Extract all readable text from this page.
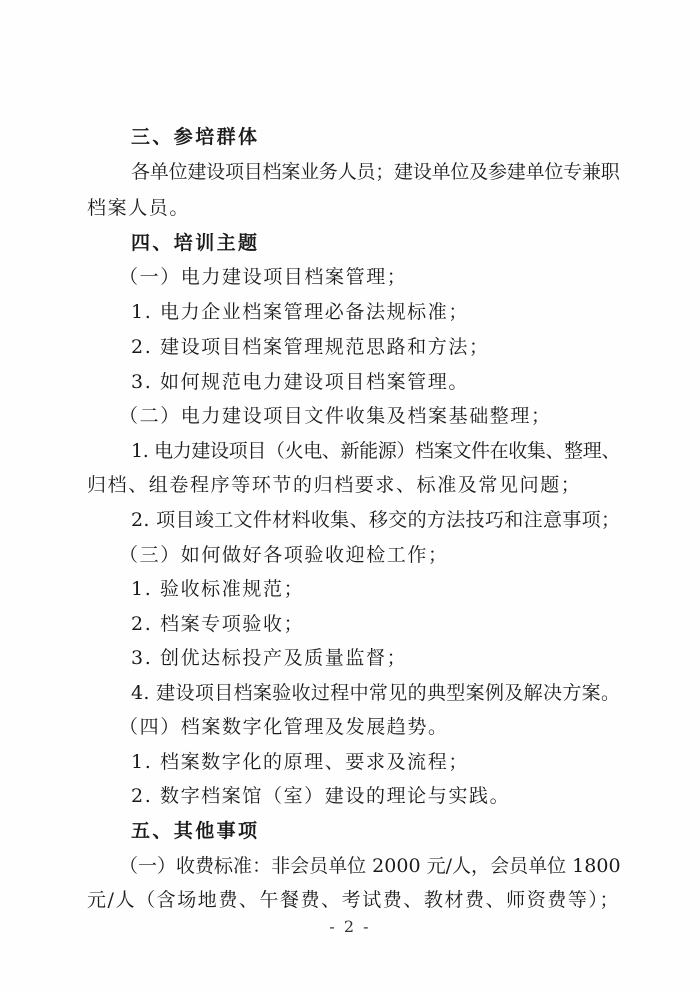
三、参培群体
各单位建设项目档案业务人员；建设单位及参建单位专兼职
档案人员。
四、培训主题
（一）电力建设项目档案管理；
1. 电力企业档案管理必备法规标准；
2. 建设项目档案管理规范思路和方法；
3. 如何规范电力建设项目档案管理。
（二）电力建设项目文件收集及档案基础整理；
1. 电力建设项目（火电、新能源）档案文件在收集、整理、
归档、组卷程序等环节的归档要求、标准及常见问题；
2. 项目竣工文件材料收集、移交的方法技巧和注意事项；
（三）如何做好各项验收迎检工作；
1. 验收标准规范；
2. 档案专项验收；
3. 创优达标投产及质量监督；
4. 建设项目档案验收过程中常见的典型案例及解决方案。
（四）档案数字化管理及发展趋势。
1. 档案数字化的原理、要求及流程；
2. 数字档案馆（室）建设的理论与实践。
五、其他事项
（一）收费标准：非会员单位 2000 元/人，会员单位 1800
元/人（含场地费、午餐费、考试费、教材费、师资费等）；
- 2 -
